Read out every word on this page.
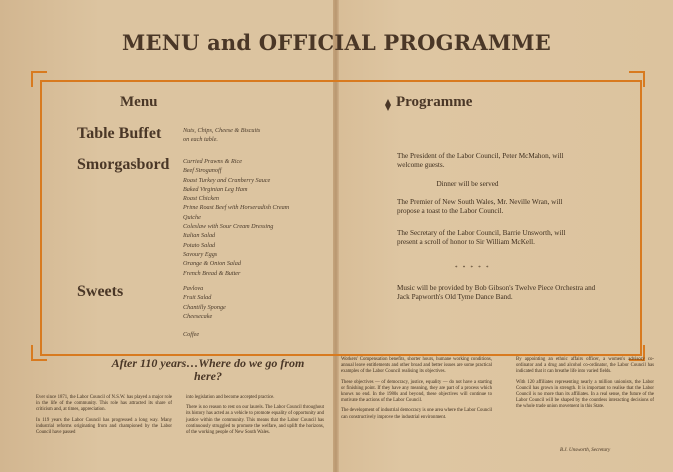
MENU and OFFICIAL PROGRAMME
Menu
Table Buffet	Nuts, Chips, Cheese & Biscuits
on each table.
Smorgasbord Curried Prawns & Rice
Beef Stroganoff
Roast Turkey and Cranberry Sauce
Baked Virginian Leg Ham
Roast Chicken
Prime Roast Beef with Horseradish Cream
Quiche
Coleslaw with Sour Cream Dressing
Italian Salad
Potato Salad
Savoury Eggs
Orange & Onion Salad
French Bread & Butter
Sweets	Pavlova
Fruit Salad
Chantilly Sponge
Cheesecake
Coffee
Programme
The President of the Labor Council, Peter McMahon, will welcome guests.
Dinner will be served
The Premier of New South Wales, Mr. Neville Wran, will propose a toast to the Labor Council.
The Secretary of the Labor Council, Barrie Unsworth, will present a scroll of honor to Sir William McKell.
* * * * *
Music will be provided by Bob Gibson's Twelve Piece Orchestra and Jack Papworth's Old Tyme Dance Band.
After 110 years…Where do we go from here?

Ever since 1871, the Labor Council of N.S.W. has played a major role in the life of the community. This role has attracted its share of criticism and, at times, appreciation.

In 119 years the Labor Council has progressed a long way. Many industrial reforms originating from and championed by the Labor Council have passed

into legislation and become accepted practice.

There is no reason to rest on our laurels. The Labor Council throughout its history has acted as a vehicle to promote equality of opportunity and justice within the community. This means that the Labor Council has continuously struggled to promote the welfare, and uplift the horizons, of the working people of New South Wales.

Workers' Compensation benefits, shorter hours, humane working conditions, annual leave entitlements and other broad and better issues are some practical examples of the Labor Council realising its objectives.

These objectives — of democracy, justice, equality — do not have a starting or finishing point. If they have any meaning, they are part of a process which knows no end. In the 1980s and beyond, these objectives will continue to motivate the actions of the Labor Council.

The development of industrial democracy is one area where the Labor Council can constructively improve the industrial environment.

By appointing an ethnic affairs officer, a women's advisory co-ordinator and a drug and alcohol co-ordinator, the Labor Council has indicated that it can breathe life into varied fields.

With 120 affiliates representing nearly a million unionists, the Labor Council has grown in strength. It is important to realise that the Labor Council is no more than its affiliates. In a real sense, the future of the Labor Council will be shaped by the countless interacting decisions of the whole trade union movement in this State.

B.J. Unsworth, Secretary
